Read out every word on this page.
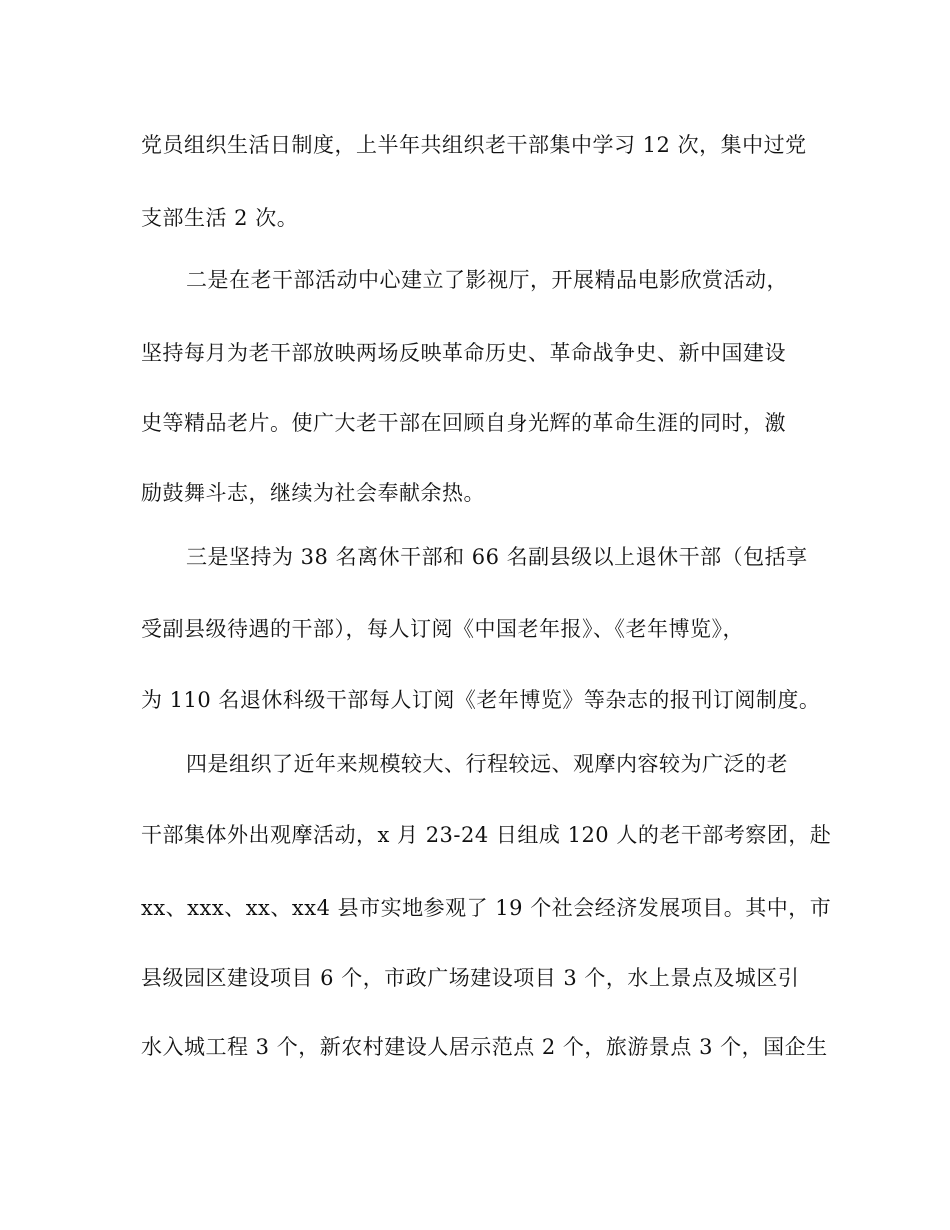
党员组织生活日制度，上半年共组织老干部集中学习 12 次，集中过党
支部生活 2 次。
二是在老干部活动中心建立了影视厅，开展精品电影欣赏活动，
坚持每月为老干部放映两场反映革命历史、革命战争史、新中国建设
史等精品老片。使广大老干部在回顾自身光辉的革命生涯的同时，激
励鼓舞斗志，继续为社会奉献余热。
三是坚持为 38 名离休干部和 66 名副县级以上退休干部（包括享
受副县级待遇的干部），每人订阅《中国老年报》、《老年博览》，
为 110 名退休科级干部每人订阅《老年博览》等杂志的报刊订阅制度。
四是组织了近年来规模较大、行程较远、观摩内容较为广泛的老
干部集体外出观摩活动，x 月 23-24 日组成 120 人的老干部考察团，赴
xx、xxx、xx、xx4 县市实地参观了 19 个社会经济发展项目。其中，市
县级园区建设项目 6 个，市政广场建设项目 3 个，水上景点及城区引
水入城工程 3 个，新农村建设人居示范点 2 个，旅游景点 3 个，国企生
